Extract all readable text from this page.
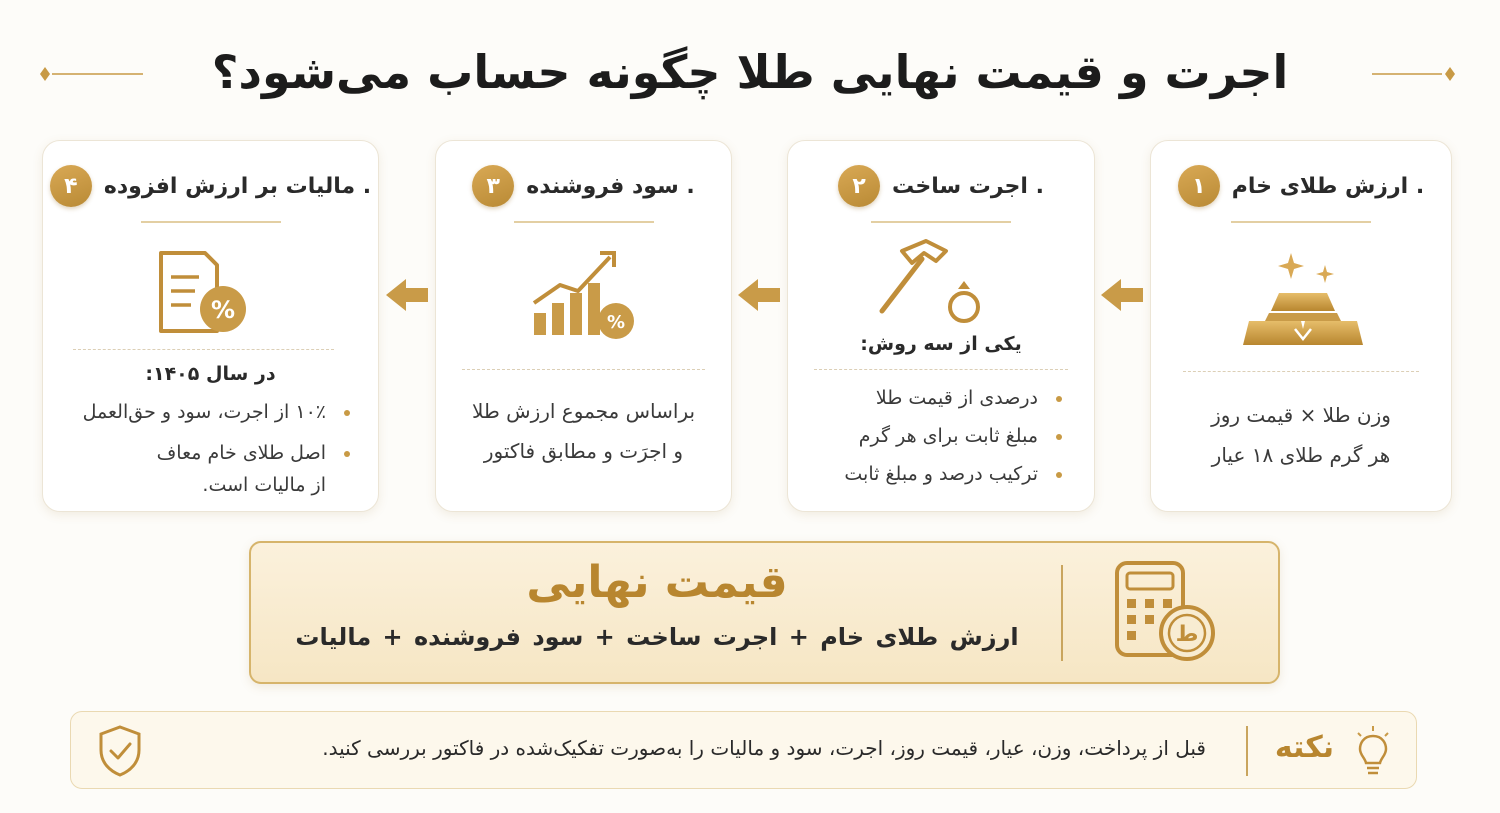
اجرت و قیمت نهایی طلا چگونه حساب می‌شود؟
۱	. ارزش طلای خام
وزن طلا × قیمت روز
هر گرم طلای ۱۸ عیار
۲	. اجرت ساخت
یکی از سه روش:
درصدی از قیمت طلا
مبلغ ثابت برای هر گرم
ترکیب درصد و مبلغ ثابت
۳	. سود فروشنده
%
براساس مجموع ارزش طلا
و اجرَت و مطابق فاکتور
۴	. مالیات بر ارزش افزوده
%
در سال ۱۴۰۵:
۱۰٪ از اجرت، سود و حق‌العمل
اصل طلای خام معاف از مالیات است.
قیمت نهایی
ارزش طلای خام + اجرت ساخت + سود فروشنده + مالیات	ط
نکته
قبل از پرداخت، وزن، عیار، قیمت روز، اجرت، سود و مالیات را به‌صورت تفکیک‌شده در فاکتور بررسی کنید.
